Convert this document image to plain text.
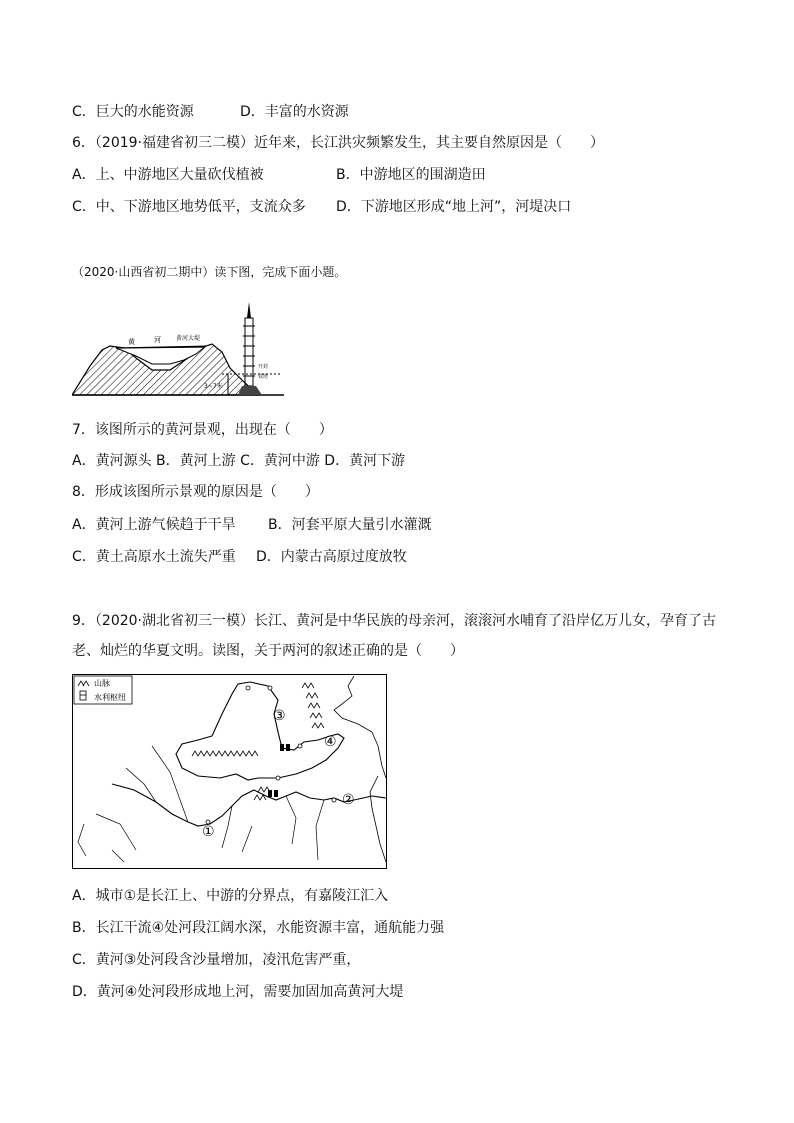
C．巨大的水能资源	D．丰富的水资源
6．（2019·福建省初三二模）近年来，长江洪灾频繁发生，其主要自然原因是（　　）
A．上、中游地区大量砍伐植被	B．中游地区的围湖造田
C．中、下游地区地势低平，支流众多 D．下游地区形成“地上河”，河堤决口
（2020·山西省初二期中）读下图，完成下面小题。
3~7米
黄	河	黄河大堤
开封
铁塔
7．该图所示的黄河景观，出现在（　　）
A．黄河源头 B．黄河上游 C．黄河中游 D．黄河下游
8．形成该图所示景观的原因是（　　）
A．黄河上游气候趋于干旱 B．河套平原大量引水灌溉
C．黄土高原水土流失严重 D．内蒙古高原过度放牧
9．（2020·湖北省初三一模）长江、黄河是中华民族的母亲河，滚滚河水哺育了沿岸亿万儿女，孕育了古
老、灿烂的华夏文明。读图，关于两河的叙述正确的是（　　）
山脉
水利枢纽
③
④
②
①
A．城市①是长江上、中游的分界点，有嘉陵江汇入
B．长江干流④处河段江阔水深，水能资源丰富，通航能力强
C．黄河③处河段含沙量增加，凌汛危害严重，
D．黄河④处河段形成地上河，需要加固加高黄河大堤
